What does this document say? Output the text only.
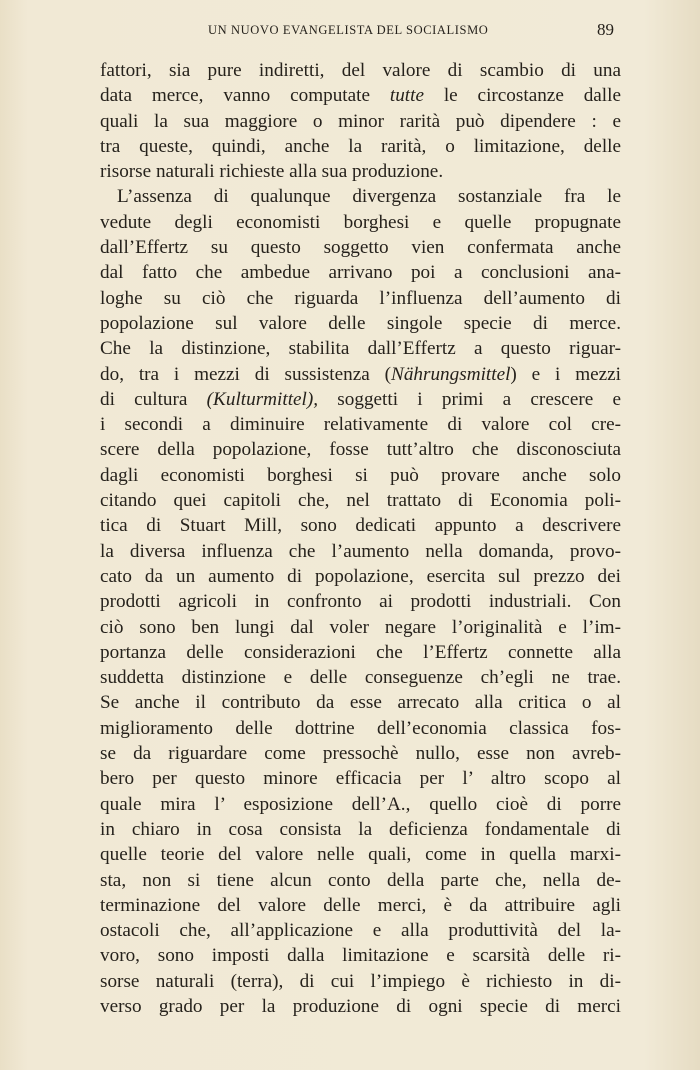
UN NUOVO EVANGELISTA DEL SOCIALISMO	89
fattori, sia pure indiretti, del valore di scambio di una
data merce, vanno computate tutte le circostanze dalle
quali la sua maggiore o minor rarità può dipendere : e
tra queste, quindi, anche la rarità, o limitazione, delle
risorse naturali richieste alla sua produzione.
L’assenza di qualunque divergenza sostanziale fra le
vedute degli economisti borghesi e quelle propugnate
dall’Effertz su questo soggetto vien confermata anche
dal fatto che ambedue arrivano poi a conclusioni ana-
loghe su ciò che riguarda l’influenza dell’aumento di
popolazione sul valore delle singole specie di merce.
Che la distinzione, stabilita dall’Effertz a questo riguar-
do, tra i mezzi di sussistenza (Nährungsmittel) e i mezzi
di cultura (Kulturmittel), soggetti i primi a crescere e
i secondi a diminuire relativamente di valore col cre-
scere della popolazione, fosse tutt’altro che disconosciuta
dagli economisti borghesi si può provare anche solo
citando quei capitoli che, nel trattato di Economia poli-
tica di Stuart Mill, sono dedicati appunto a descrivere
la diversa influenza che l’aumento nella domanda, provo-
cato da un aumento di popolazione, esercita sul prezzo dei
prodotti agricoli in confronto ai prodotti industriali. Con
ciò sono ben lungi dal voler negare l’originalità e l’im-
portanza delle considerazioni che l’Effertz connette alla
suddetta distinzione e delle conseguenze ch’egli ne trae.
Se anche il contributo da esse arrecato alla critica o al
miglioramento delle dottrine dell’economia classica fos-
se da riguardare come pressochè nullo, esse non avreb-
bero per questo minore efficacia per l’ altro scopo al
quale mira l’ esposizione dell’A., quello cioè di porre
in chiaro in cosa consista la deficienza fondamentale di
quelle teorie del valore nelle quali, come in quella marxi-
sta, non si tiene alcun conto della parte che, nella de-
terminazione del valore delle merci, è da attribuire agli
ostacoli che, all’applicazione e alla produttività del la-
voro, sono imposti dalla limitazione e scarsità delle ri-
sorse naturali (terra), di cui l’impiego è richiesto in di-
verso grado per la produzione di ogni specie di merci
